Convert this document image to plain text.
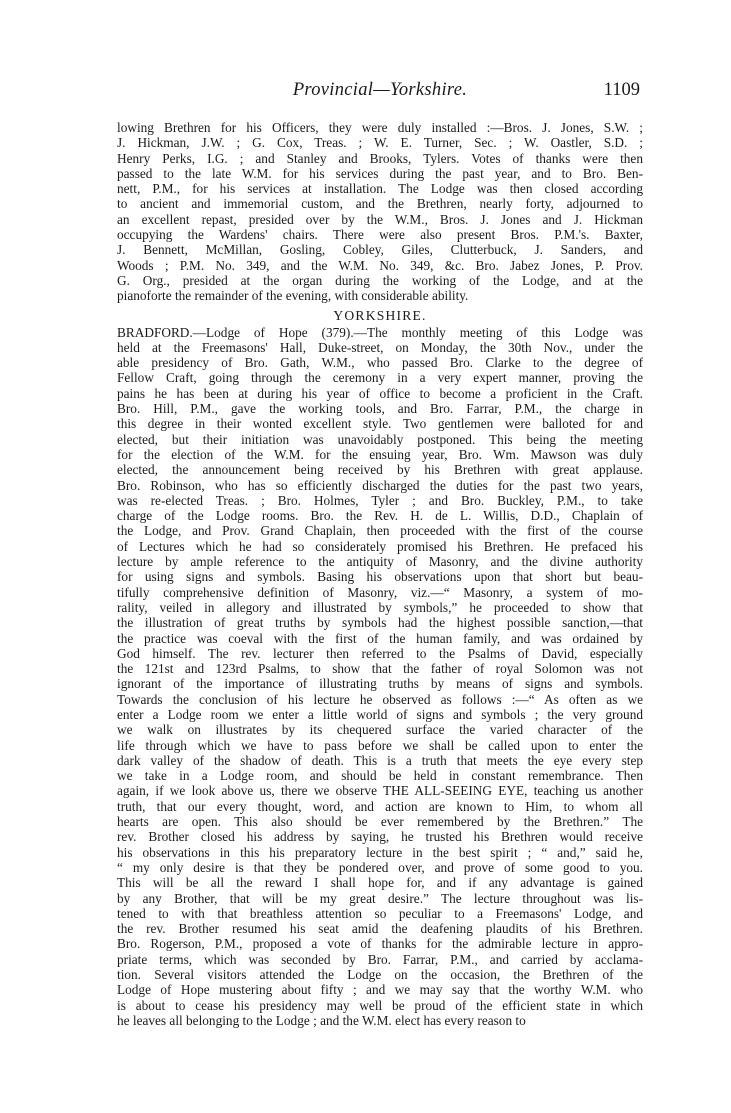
Provincial—Yorkshire.	1109
lowing Brethren for his Officers, they were duly installed :—Bros. J. Jones, S.W. ;
J. Hickman, J.W. ; G. Cox, Treas. ; W. E. Turner, Sec. ; W. Oastler, S.D. ;
Henry Perks, I.G. ; and Stanley and Brooks, Tylers. Votes of thanks were then
passed to the late W.M. for his services during the past year, and to Bro. Ben-
nett, P.M., for his services at installation. The Lodge was then closed according
to ancient and immemorial custom, and the Brethren, nearly forty, adjourned to
an excellent repast, presided over by the W.M., Bros. J. Jones and J. Hickman
occupying the Wardens' chairs. There were also present Bros. P.M.'s. Baxter,
J. Bennett, McMillan, Gosling, Cobley, Giles, Clutterbuck, J. Sanders, and
Woods ; P.M. No. 349, and the W.M. No. 349, &c. Bro. Jabez Jones, P. Prov.
G. Org., presided at the organ during the working of the Lodge, and at the
pianoforte the remainder of the evening, with considerable ability.
YORKSHIRE.
BRADFORD.—Lodge of Hope (379).—The monthly meeting of this Lodge was
held at the Freemasons' Hall, Duke-street, on Monday, the 30th Nov., under the
able presidency of Bro. Gath, W.M., who passed Bro. Clarke to the degree of
Fellow Craft, going through the ceremony in a very expert manner, proving the
pains he has been at during his year of office to become a proficient in the Craft.
Bro. Hill, P.M., gave the working tools, and Bro. Farrar, P.M., the charge in
this degree in their wonted excellent style. Two gentlemen were balloted for and
elected, but their initiation was unavoidably postponed. This being the meeting
for the election of the W.M. for the ensuing year, Bro. Wm. Mawson was duly
elected, the announcement being received by his Brethren with great applause.
Bro. Robinson, who has so efficiently discharged the duties for the past two years,
was re-elected Treas. ; Bro. Holmes, Tyler ; and Bro. Buckley, P.M., to take
charge of the Lodge rooms. Bro. the Rev. H. de L. Willis, D.D., Chaplain of
the Lodge, and Prov. Grand Chaplain, then proceeded with the first of the course
of Lectures which he had so considerately promised his Brethren. He prefaced his
lecture by ample reference to the antiquity of Masonry, and the divine authority
for using signs and symbols. Basing his observations upon that short but beau-
tifully comprehensive definition of Masonry, viz.—“ Masonry, a system of mo-
rality, veiled in allegory and illustrated by symbols,” he proceeded to show that
the illustration of great truths by symbols had the highest possible sanction,—that
the practice was coeval with the first of the human family, and was ordained by
God himself. The rev. lecturer then referred to the Psalms of David, especially
the 121st and 123rd Psalms, to show that the father of royal Solomon was not
ignorant of the importance of illustrating truths by means of signs and symbols.
Towards the conclusion of his lecture he observed as follows :—“ As often as we
enter a Lodge room we enter a little world of signs and symbols ; the very ground
we walk on illustrates by its chequered surface the varied character of the
life through which we have to pass before we shall be called upon to enter the
dark valley of the shadow of death. This is a truth that meets the eye every step
we take in a Lodge room, and should be held in constant remembrance. Then
again, if we look above us, there we observe THE ALL-SEEING EYE, teaching us another
truth, that our every thought, word, and action are known to Him, to whom all
hearts are open. This also should be ever remembered by the Brethren.” The
rev. Brother closed his address by saying, he trusted his Brethren would receive
his observations in this his preparatory lecture in the best spirit ; “ and,” said he,
“ my only desire is that they be pondered over, and prove of some good to you.
This will be all the reward I shall hope for, and if any advantage is gained
by any Brother, that will be my great desire.” The lecture throughout was lis-
tened to with that breathless attention so peculiar to a Freemasons' Lodge, and
the rev. Brother resumed his seat amid the deafening plaudits of his Brethren.
Bro. Rogerson, P.M., proposed a vote of thanks for the admirable lecture in appro-
priate terms, which was seconded by Bro. Farrar, P.M., and carried by acclama-
tion. Several visitors attended the Lodge on the occasion, the Brethren of the
Lodge of Hope mustering about fifty ; and we may say that the worthy W.M. who
is about to cease his presidency may well be proud of the efficient state in which
he leaves all belonging to the Lodge ; and the W.M. elect has every reason to
